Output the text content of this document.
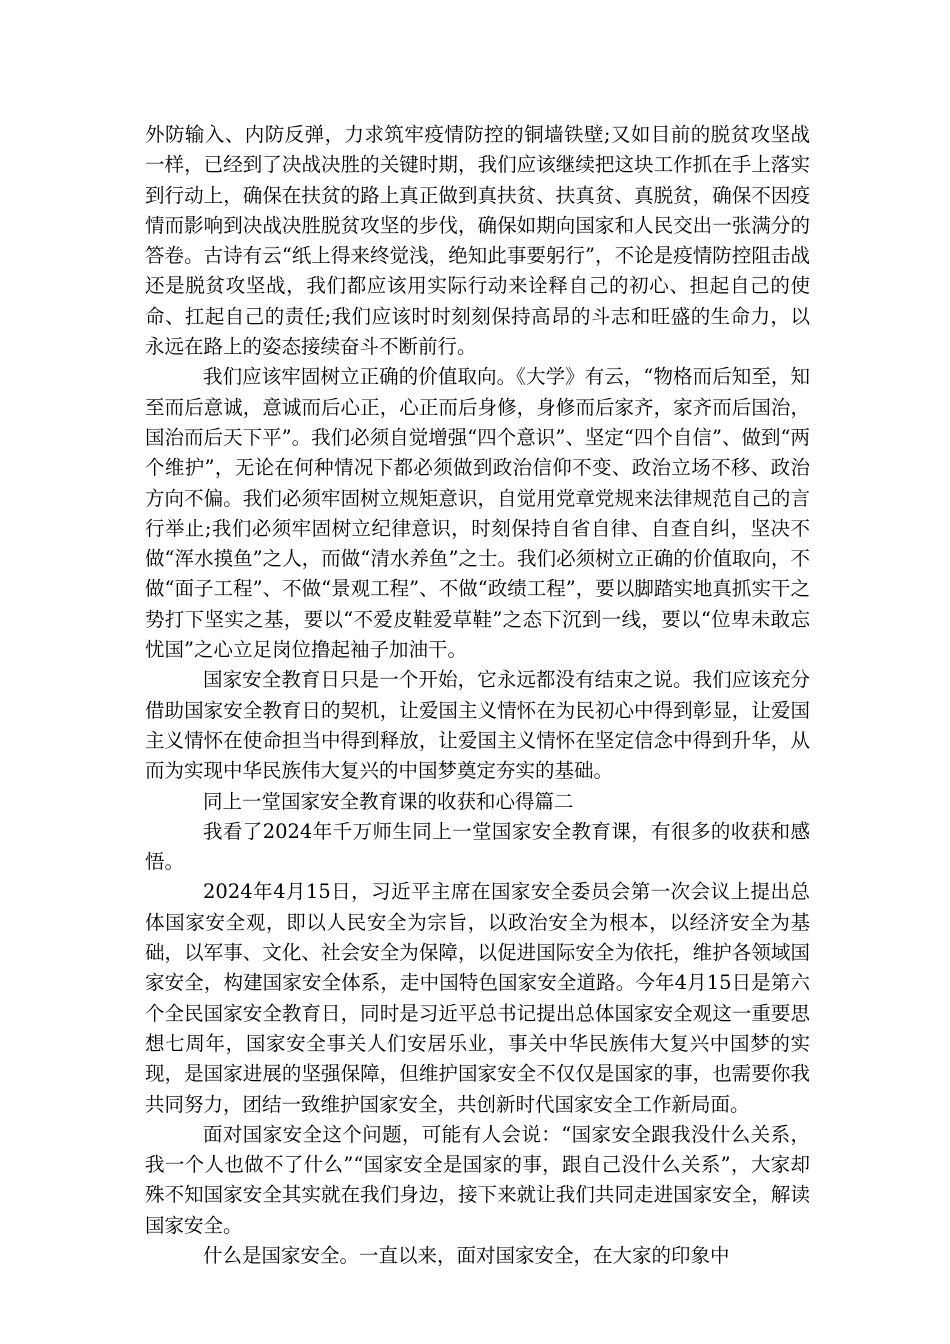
外防输入、内防反弹，力求筑牢疫情防控的铜墙铁壁;又如目前的脱贫攻坚战一样，已经到了决战决胜的关键时期，我们应该继续把这块工作抓在手上落实到行动上，确保在扶贫的路上真正做到真扶贫、扶真贫、真脱贫，确保不因疫情而影响到决战决胜脱贫攻坚的步伐，确保如期向国家和人民交出一张满分的答卷。古诗有云“纸上得来终觉浅，绝知此事要躬行”，不论是疫情防控阻击战还是脱贫攻坚战，我们都应该用实际行动来诠释自己的初心、担起自己的使命、扛起自己的责任;我们应该时时刻刻保持高昂的斗志和旺盛的生命力，以永远在路上的姿态接续奋斗不断前行。

我们应该牢固树立正确的价值取向。《大学》有云，“物格而后知至，知至而后意诚，意诚而后心正，心正而后身修，身修而后家齐，家齐而后国治，国治而后天下平”。我们必须自觉增强“四个意识”、坚定“四个自信”、做到“两个维护”，无论在何种情况下都必须做到政治信仰不变、政治立场不移、政治方向不偏。我们必须牢固树立规矩意识，自觉用党章党规来法律规范自己的言行举止;我们必须牢固树立纪律意识，时刻保持自省自律、自查自纠，坚决不做“浑水摸鱼”之人，而做“清水养鱼”之士。我们必须树立正确的价值取向，不做“面子工程”、不做“景观工程”、不做“政绩工程”，要以脚踏实地真抓实干之势打下坚实之基，要以“不爱皮鞋爱草鞋”之态下沉到一线，要以“位卑未敢忘忧国”之心立足岗位撸起袖子加油干。

国家安全教育日只是一个开始，它永远都没有结束之说。我们应该充分借助国家安全教育日的契机，让爱国主义情怀在为民初心中得到彰显，让爱国主义情怀在使命担当中得到释放，让爱国主义情怀在坚定信念中得到升华，从而为实现中华民族伟大复兴的中国梦奠定夯实的基础。

同上一堂国家安全教育课的收获和心得篇二

我看了2024年千万师生同上一堂国家安全教育课，有很多的收获和感悟。

2024年4月15日，习近平主席在国家安全委员会第一次会议上提出总体国家安全观，即以人民安全为宗旨，以政治安全为根本，以经济安全为基础，以军事、文化、社会安全为保障，以促进国际安全为依托，维护各领域国家安全，构建国家安全体系，走中国特色国家安全道路。今年4月15日是第六个全民国家安全教育日，同时是习近平总书记提出总体国家安全观这一重要思想七周年，国家安全事关人们安居乐业，事关中华民族伟大复兴中国梦的实现，是国家进展的坚强保障，但维护国家安全不仅仅是国家的事，也需要你我共同努力，团结一致维护国家安全，共创新时代国家安全工作新局面。

面对国家安全这个问题，可能有人会说：“国家安全跟我没什么关系，我一个人也做不了什么”“国家安全是国家的事，跟自己没什么关系”，大家却殊不知国家安全其实就在我们身边，接下来就让我们共同走进国家安全，解读国家安全。

什么是国家安全。一直以来，面对国家安全，在大家的印象中
